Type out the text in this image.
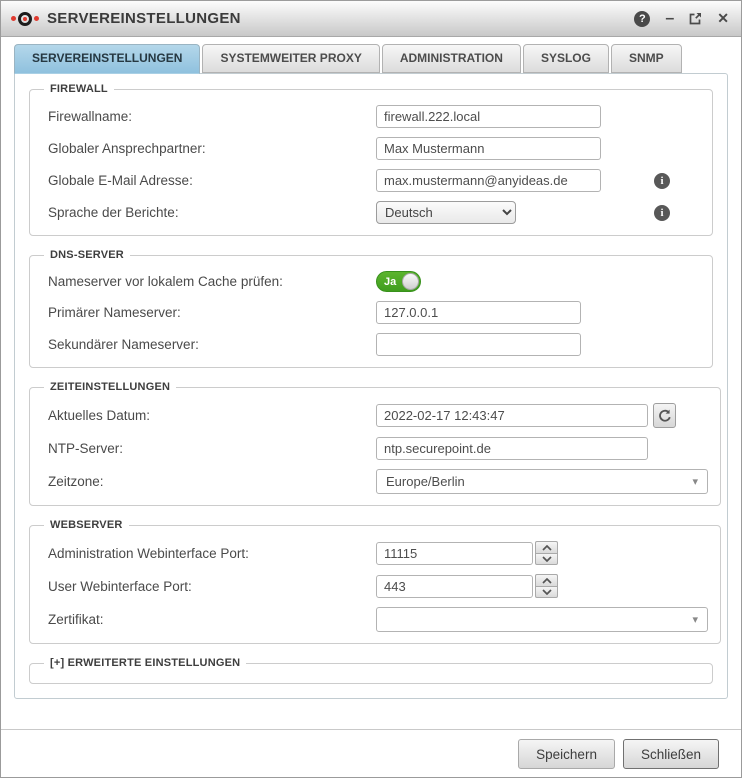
SERVEREINSTELLUNGEN	? –	✕
SERVEREINSTELLUNGEN	SYSTEMWEITER PROXY	ADMINISTRATION	SYSLOG	SNMP
FIREWALL
Firewallname:
firewall.222.local
Globaler Ansprechpartner:
Max Mustermann
Globale E-Mail Adresse:
max.mustermann@anyideas.de	i
Sprache der Berichte:
Deutsch	i
DNS-SERVER
Nameserver vor lokalem Cache prüfen:	Ja
Primärer Nameserver:
127.0.0.1
Sekundärer Nameserver:
ZEITEINSTELLUNGEN
Aktuelles Datum:
2022-02-17 12:43:47
NTP-Server:
ntp.securepoint.de
Zeitzone:	Europe/Berlin	▾
WEBSERVER
Administration Webinterface Port:
11115
User Webinterface Port:
443
Zertifikat:	▾
[+] ERWEITERTE EINSTELLUNGEN
Speichern	Schließen
